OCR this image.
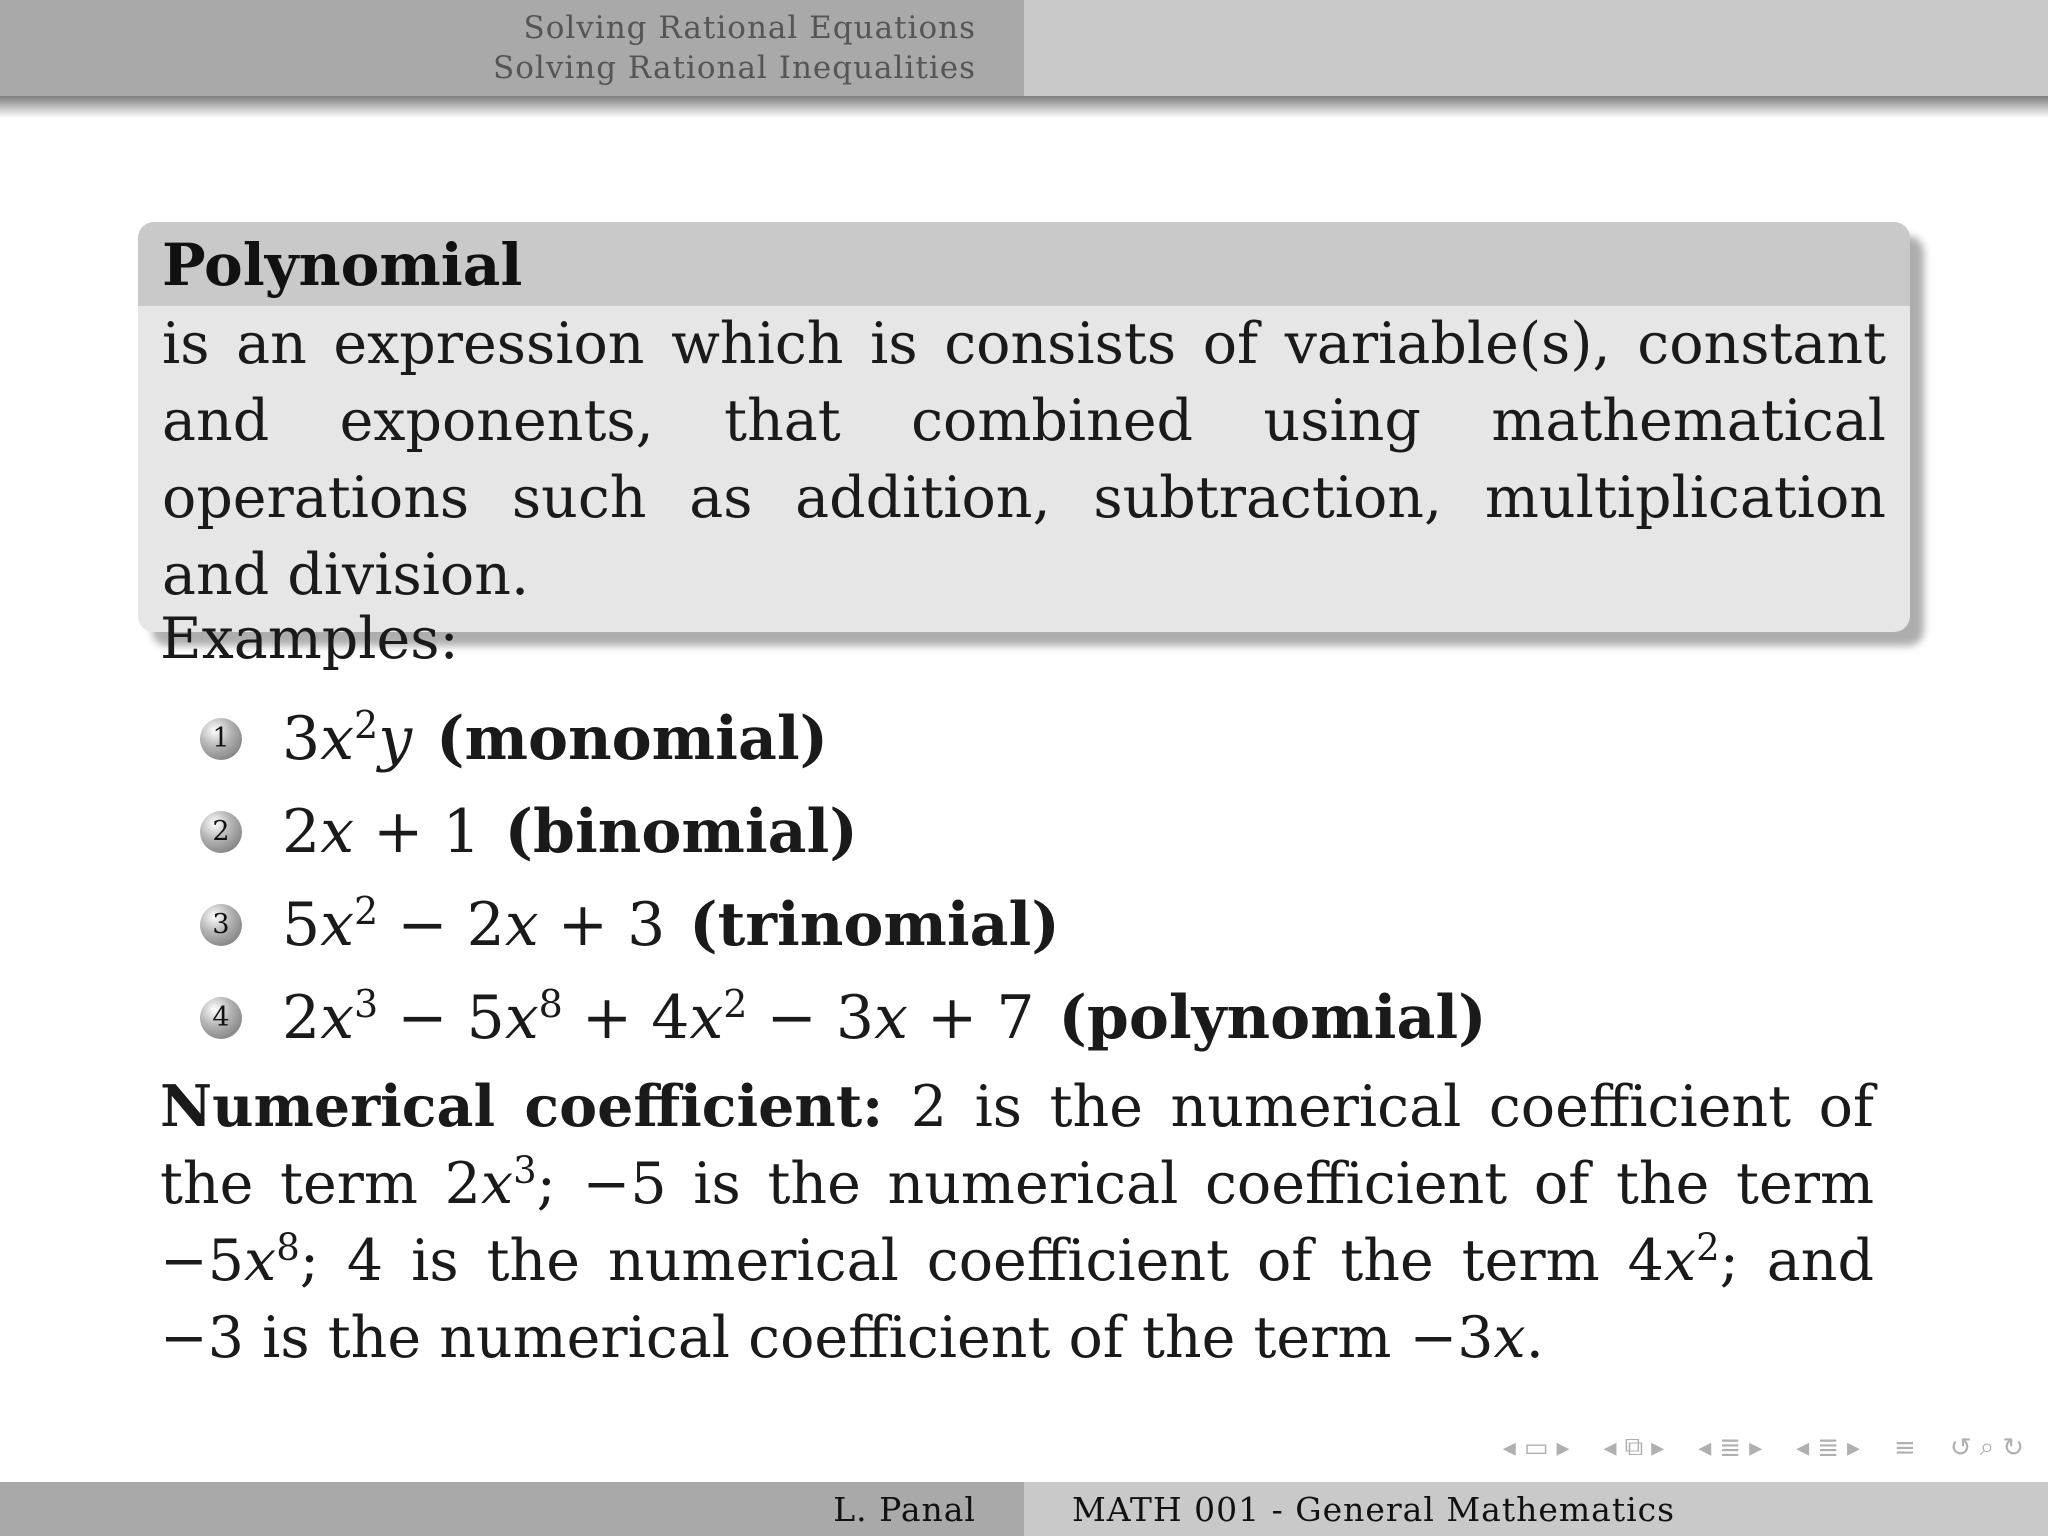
Solving Rational Equations
Solving Rational Inequalities
Polynomial
is an expression which is consists of variable(s), constant and exponents, that combined using mathematical operations such as addition, subtraction, multiplication and division.
Examples:
1 $3x^2y$ (monomial)
2 2x + 1 (binomial)
3 $5x^2 - 2x + 3$ (trinomial)
4 $2x^3 - 5x^8 + 4x^2 - 3x + 7$ (polynomial)
Numerical coefficient: 2 is the numerical coefficient of the term $2x^3$; −5 is the numerical coefficient of the term $-5x^8$; 4 is the numerical coefficient of the term $4x^2$; and −3 is the numerical coefficient of the term −3x.
◂ ▭ ▸ ◂ ⧉ ▸ ◂ ≣ ▸ ◂ ≣ ▸ ≡ ↺ ⌕ ↻
L. Panal	MATH 001 - General Mathematics
